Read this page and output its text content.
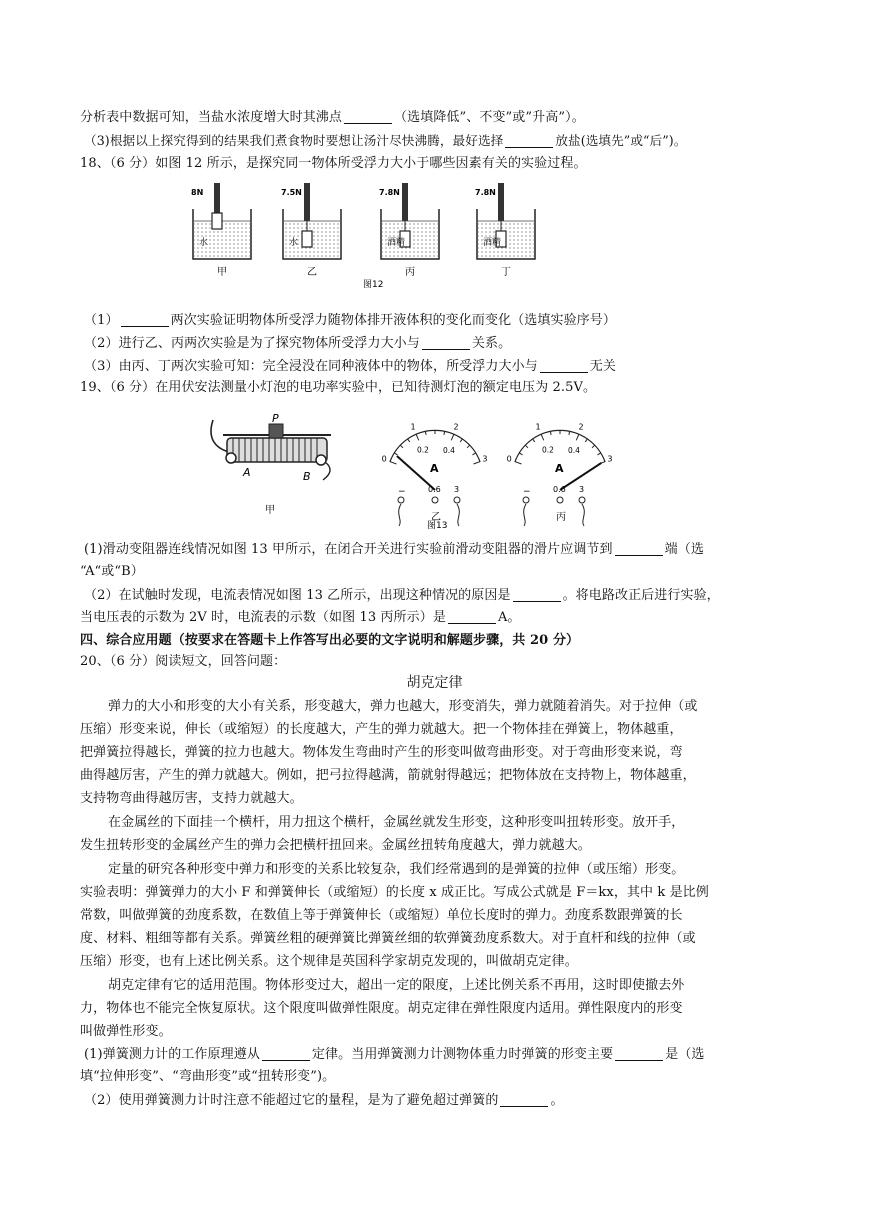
分析表中数据可知，当盐水浓度增大时其沸点	（选填降低”、不变”或”升高”）。
（3)根据以上探究得到的结果我们煮食物时要想让汤汁尽快沸腾，最好选择	放盐(选填先”或“后”)。
18、（6 分）如图 12 所示，是探究同一物体所受浮力大小于哪些因素有关的实验过程。
8N
水
甲
7.5N
水
乙
7.8N
酒精
丙
7.8N
酒精
丁
图12
（1）	两次实验证明物体所受浮力随物体排开液体积的变化而变化（选填实验序号）
（2）进行乙、丙两次实验是为了探究物体所受浮力大小与	关系。
（3）由丙、丁两次实验可知：完全浸没在同种液体中的物体，所受浮力大小与	无关
19、（6 分）在用伏安法测量小灯泡的电功率实验中，已知待测灯泡的额定电压为 2.5V。
P
A	B
甲
0
1	2
3
0.2 0.4
A
−	0.6 3
乙
0
1	2
3
0.2 0.4
A
−	0.6 3
丙
图13
(1)滑动变阻器连线情况如图 13 甲所示，在闭合开关进行实验前滑动变阻器的滑片应调节到	端（选
“A“或“B）
（2）在试触时发现，电流表情况如图 13 乙所示，出现这种情况的原因是	。将电路改正后进行实验，
当电压表的示数为 2V 时，电流表的示数（如图 13 丙所示）是	A。
四、综合应用题（按要求在答题卡上作答写出必要的文字说明和解题步骤，共 20 分）
20、（6 分）阅读短文，回答问题：
胡克定律
弹力的大小和形变的大小有关系，形变越大，弹力也越大，形变消失，弹力就随着消失。对于拉伸（或
压缩）形变来说，伸长（或缩短）的长度越大，产生的弹力就越大。把一个物体挂在弹簧上，物体越重，
把弹簧拉得越长，弹簧的拉力也越大。物体发生弯曲时产生的形变叫做弯曲形变。对于弯曲形变来说，弯
曲得越厉害，产生的弹力就越大。例如，把弓拉得越满，箭就射得越远；把物体放在支持物上，物体越重，
支持物弯曲得越厉害，支持力就越大。
在金属丝的下面挂一个横杆，用力扭这个横杆，金属丝就发生形变，这种形变叫扭转形变。放开手，
发生扭转形变的金属丝产生的弹力会把横杆扭回来。金属丝扭转角度越大，弹力就越大。
定量的研究各种形变中弹力和形变的关系比较复杂，我们经常遇到的是弹簧的拉伸（或压缩）形变。
实验表明：弹簧弹力的大小 F 和弹簧伸长（或缩短）的长度 x 成正比。写成公式就是 F＝kx，其中 k 是比例
常数，叫做弹簧的劲度系数，在数值上等于弹簧伸长（或缩短）单位长度时的弹力。劲度系数跟弹簧的长
度、材料、粗细等都有关系。弹簧丝粗的硬弹簧比弹簧丝细的软弹簧劲度系数大。对于直杆和线的拉伸（或
压缩）形变，也有上述比例关系。这个规律是英国科学家胡克发现的，叫做胡克定律。
胡克定律有它的适用范围。物体形变过大，超出一定的限度，上述比例关系不再用，这时即使撤去外
力，物体也不能完全恢复原状。这个限度叫做弹性限度。胡克定律在弹性限度内适用。弹性限度内的形变
叫做弹性形变。
(1)弹簧测力计的工作原理遵从	定律。当用弹簧测力计测物体重力时弹簧的形变主要	是（选
填“拉伸形变”、“弯曲形变”或“扭转形变”)。
（2）使用弹簧测力计时注意不能超过它的量程，是为了避免超过弹簧的	。
